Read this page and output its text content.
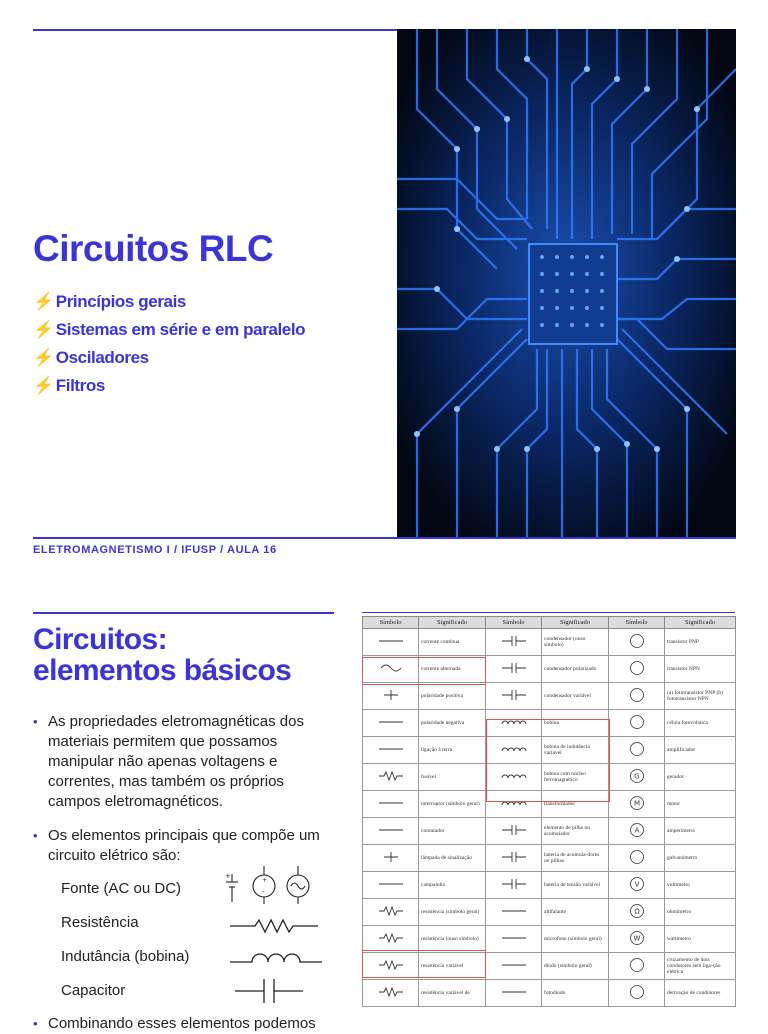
Circuitos RLC
⚡ Princípios gerais
⚡ Sistemas em série e em paralelo
⚡ Osciladores
⚡ Filtros
ELETROMAGNETISMO I / IFUSP / AULA 16
Circuitos:
elementos básicos
• As propriedades eletromagnéticas dos materiais permitem que possamos manipular não apenas voltagens e correntes, mas também os próprios campos eletromagnéticos.
• Os elementos principais que compõe um circuito elétrico são:
• Combinando esses elementos podemos
Fonte (AC ou DC)
Resistência
Indutância (bobina)
Capacitor
+
+
-
Símbolo	Significado	Símbolo	Significado	Símbolo	Significado
	corrente contínua		condensador (ouso símbolo)		transistor PNP
	corrente alternada		condensador polarizado		transistor NPN
	polaridade positiva		condensador variável		(a) fototransistor PNP (b) fototransistor NPN
	polaridade negativa		bobina		célula fotovoltaica
	ligação à terra		bobina de indutância variável		amplificador
	fusível		bobina com núcleo ferromagnético	G	gerador
	interruptor (símbolo geral)		transformador	M	motor
	comutador		elemento de pilha ou acumulador	A	amperímetro
	lâmpada de sinalização		bateria de acumula-dores ou pilhas		galvanómetro
	campainha		bateria de tensão variável	V	voltímetro
	resistência (símbolo geral)		altifalante	Ω	ohmímetro
	resistência (ouso símbolo)		microfone (símbolo geral)	W	wattímetro
	resistência variável		díodo (símbolo geral)		cruzamento de dois condutores sem liga-ção elétrica
	resistência variável de		fotodíodo		derivação de condutores
